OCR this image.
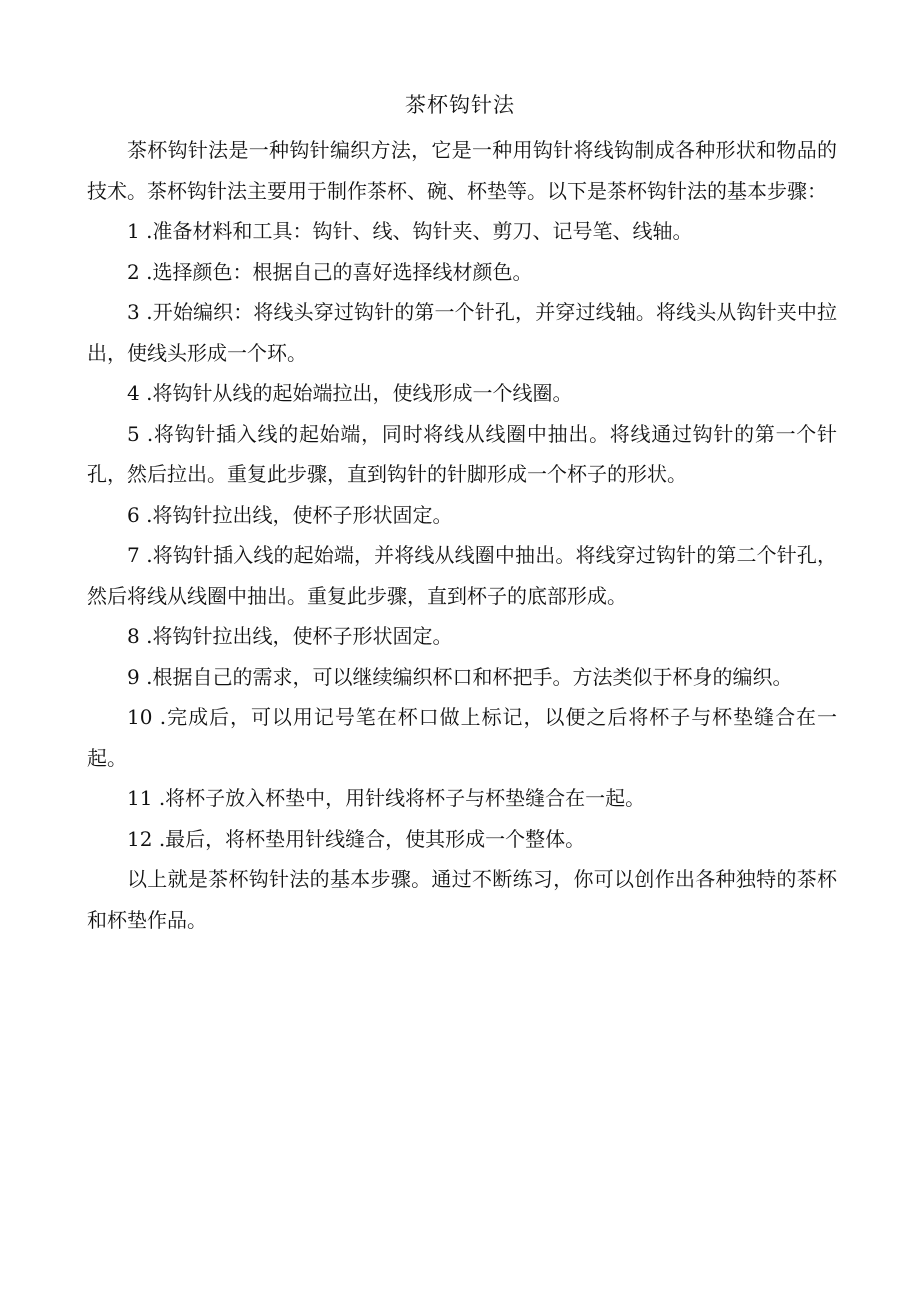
茶杯钩针法

茶杯钩针法是一种钩针编织方法，它是一种用钩针将线钩制成各种形状和物品的技术。茶杯钩针法主要用于制作茶杯、碗、杯垫等。以下是茶杯钩针法的基本步骤：

1 .准备材料和工具：钩针、线、钩针夹、剪刀、记号笔、线轴。

2 .选择颜色：根据自己的喜好选择线材颜色。

3 .开始编织：将线头穿过钩针的第一个针孔，并穿过线轴。将线头从钩针夹中拉出，使线头形成一个环。

4 .将钩针从线的起始端拉出，使线形成一个线圈。

5 .将钩针插入线的起始端，同时将线从线圈中抽出。将线通过钩针的第一个针孔，然后拉出。重复此步骤，直到钩针的针脚形成一个杯子的形状。

6 .将钩针拉出线，使杯子形状固定。

7 .将钩针插入线的起始端，并将线从线圈中抽出。将线穿过钩针的第二个针孔，然后将线从线圈中抽出。重复此步骤，直到杯子的底部形成。

8 .将钩针拉出线，使杯子形状固定。

9 .根据自己的需求，可以继续编织杯口和杯把手。方法类似于杯身的编织。

10 .完成后，可以用记号笔在杯口做上标记，以便之后将杯子与杯垫缝合在一起。

11 .将杯子放入杯垫中，用针线将杯子与杯垫缝合在一起。

12 .最后，将杯垫用针线缝合，使其形成一个整体。

以上就是茶杯钩针法的基本步骤。通过不断练习，你可以创作出各种独特的茶杯和杯垫作品。
